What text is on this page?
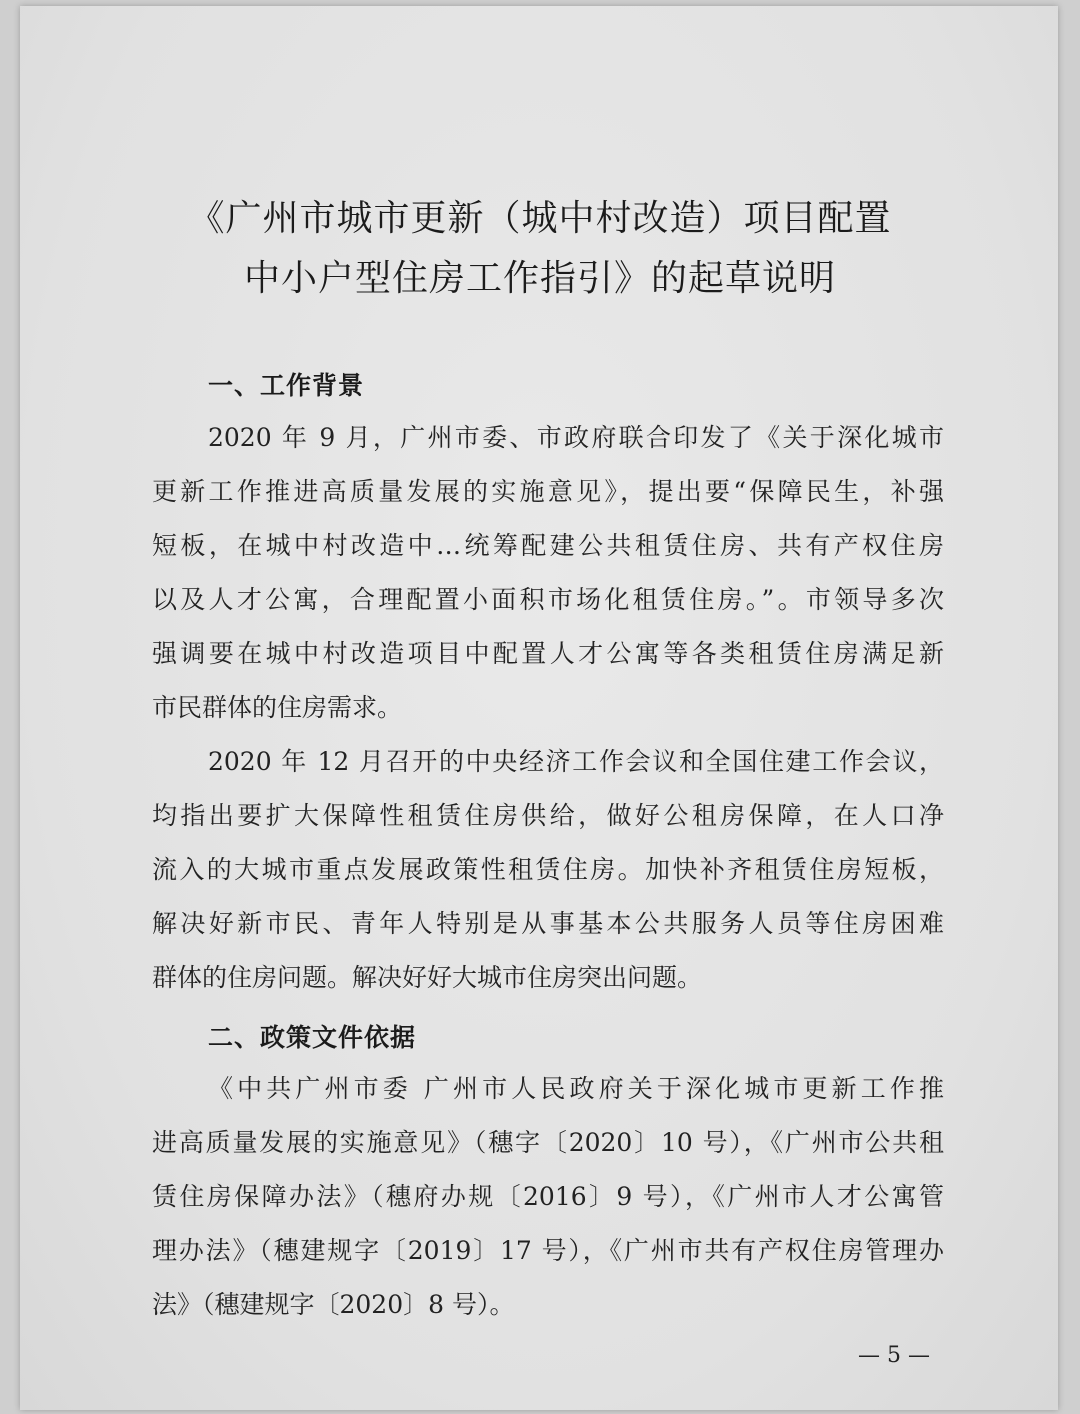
《广州市城市更新（城中村改造）项目配置
中小户型住房工作指引》的起草说明
一、工作背景
2020 年 9 月，广州市委、市政府联合印发了《关于深化城市
更新工作推进高质量发展的实施意见》，提出要“保障民生，补强
短板，在城中村改造中…统筹配建公共租赁住房、共有产权住房
以及人才公寓，合理配置小面积市场化租赁住房。”。市领导多次
强调要在城中村改造项目中配置人才公寓等各类租赁住房满足新
市民群体的住房需求。
2020 年 12 月召开的中央经济工作会议和全国住建工作会议，
均指出要扩大保障性租赁住房供给，做好公租房保障，在人口净
流入的大城市重点发展政策性租赁住房。加快补齐租赁住房短板，
解决好新市民、青年人特别是从事基本公共服务人员等住房困难
群体的住房问题。解决好好大城市住房突出问题。
二、政策文件依据
《中共广州市委 广州市人民政府关于深化城市更新工作推
进高质量发展的实施意见》（穗字〔2020〕10 号），《广州市公共租
赁住房保障办法》（穗府办规〔2016〕9 号），《广州市人才公寓管
理办法》（穗建规字〔2019〕17 号），《广州市共有产权住房管理办
法》（穗建规字〔2020〕8 号）。
— 5 —
